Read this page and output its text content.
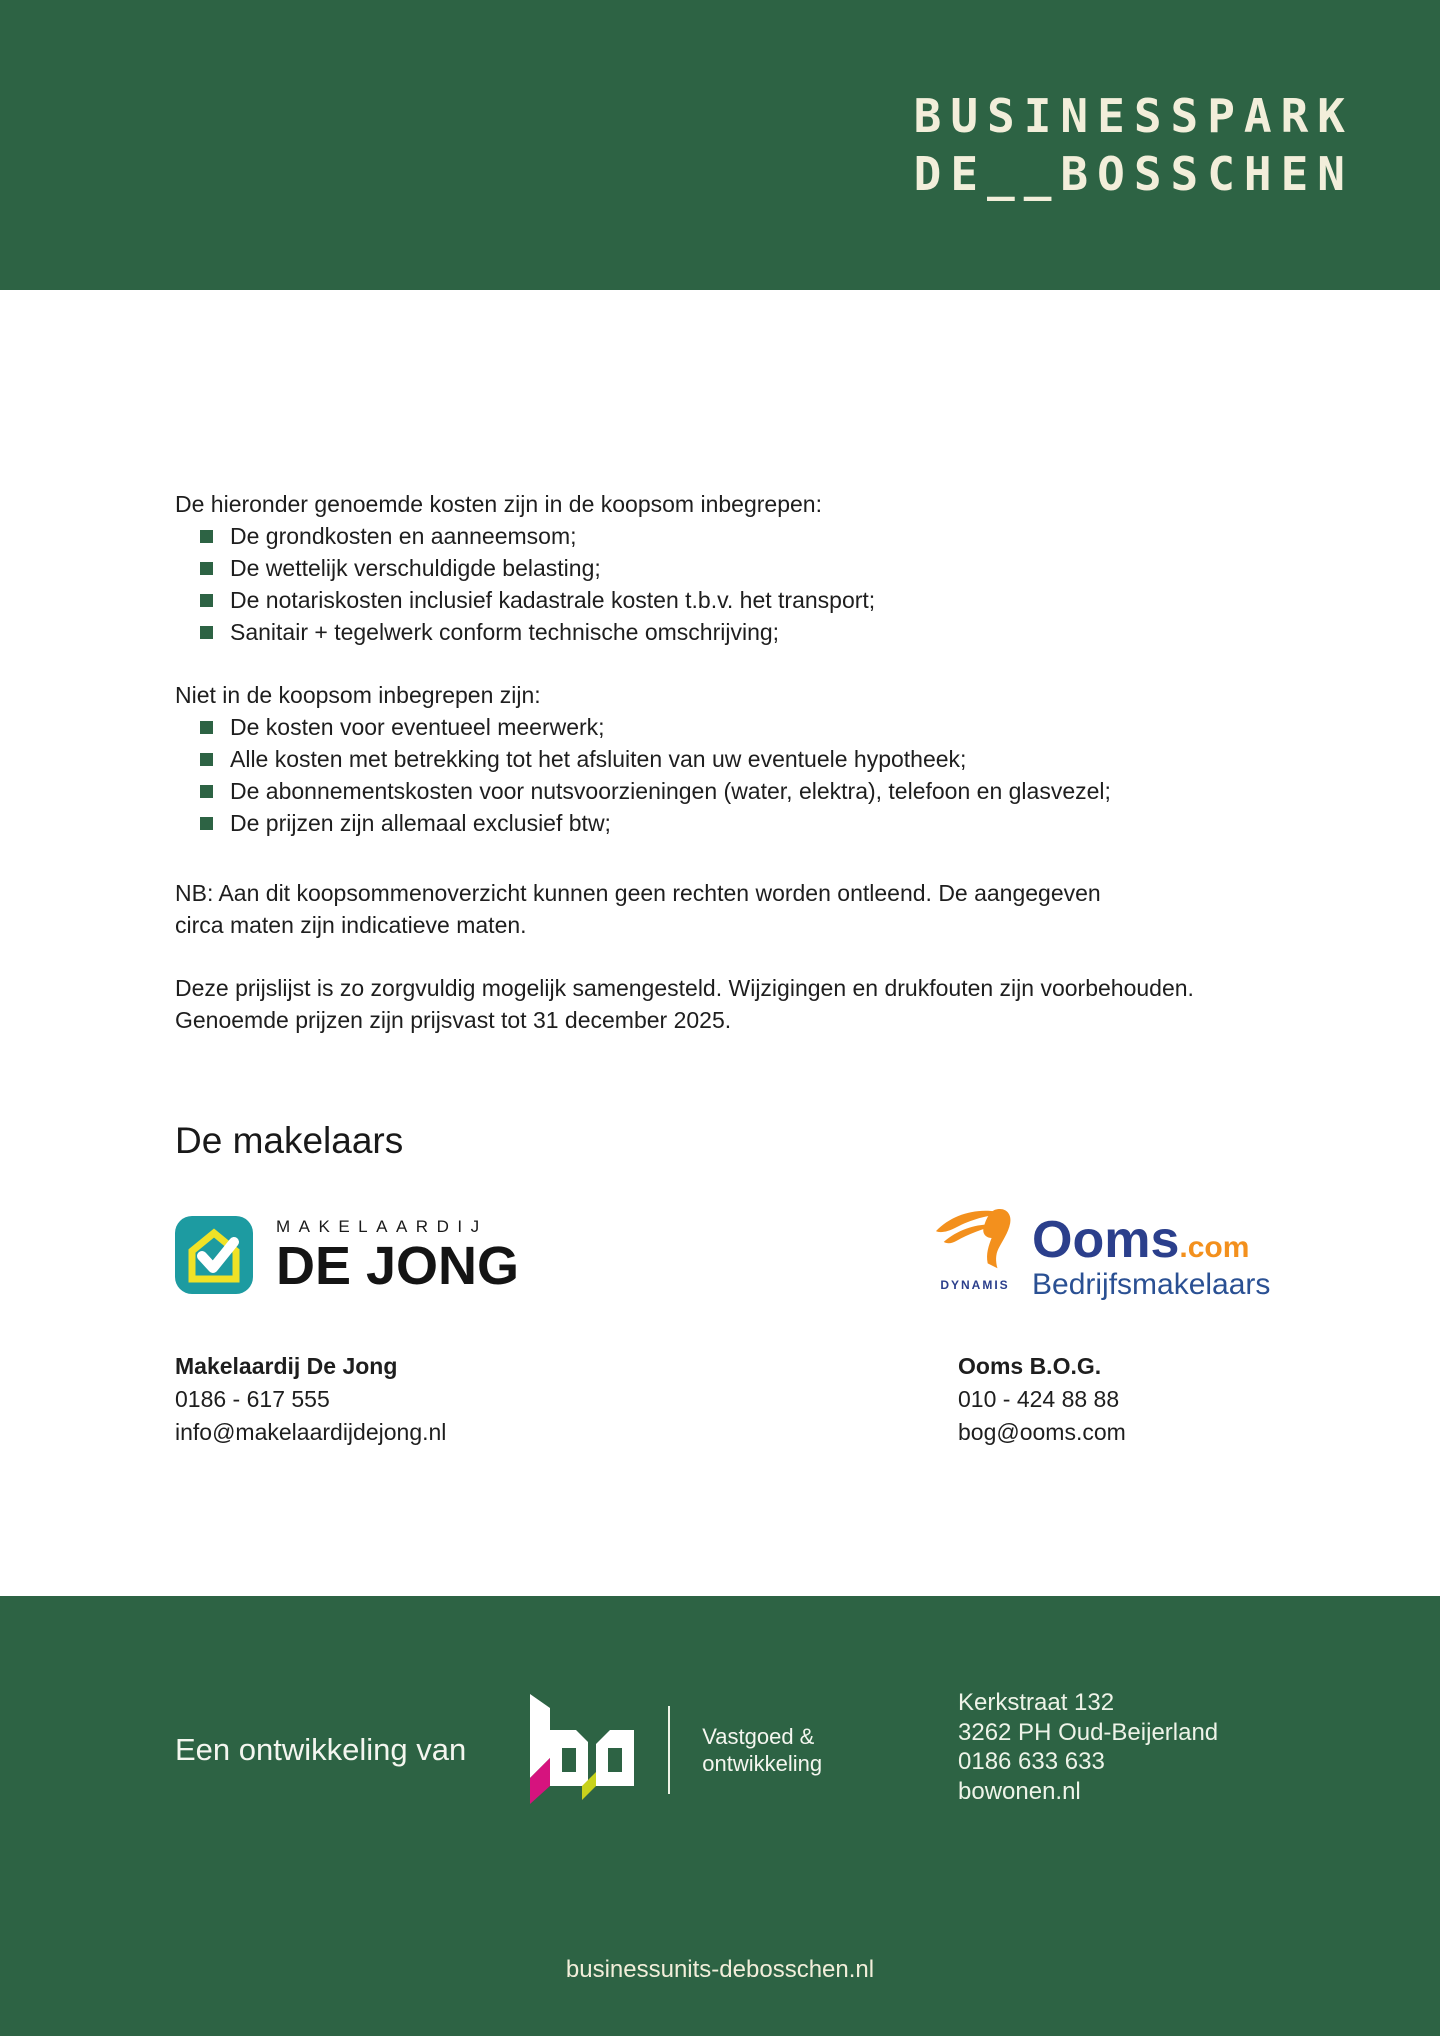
BUSINESSPARK
DE__BOSSCHEN
De hieronder genoemde kosten zijn in de koopsom inbegrepen:
De grondkosten en aanneemsom;
De wettelijk verschuldigde belasting;
De notariskosten inclusief kadastrale kosten t.b.v. het transport;
Sanitair + tegelwerk conform technische omschrijving;
Niet in de koopsom inbegrepen zijn:
De kosten voor eventueel meerwerk;
Alle kosten met betrekking tot het afsluiten van uw eventuele hypotheek;
De abonnementskosten voor nutsvoorzieningen (water, elektra), telefoon en glasvezel;
De prijzen zijn allemaal exclusief btw;
NB: Aan dit koopsommenoverzicht kunnen geen rechten worden ontleend. De aangegeven
circa maten zijn indicatieve maten.
Deze prijslijst is zo zorgvuldig mogelijk samengesteld. Wijzigingen en drukfouten zijn voorbehouden.
Genoemde prijzen zijn prijsvast tot 31 december 2025.
De makelaars
MAKELAARDIJ
DE JONG	DYNAMIS
Ooms .com
Bedrijfsmakelaars
Makelaardij De Jong
0186 - 617 555
info@makelaardijdejong.nl
Ooms B.O.G.
010 - 424 88 88
bog@ooms.com
Een ontwikkeling van	Vastgoed &
ontwikkeling
Kerkstraat 132
3262 PH Oud-Beijerland
0186 633 633
bowonen.nl
businessunits-debosschen.nl
